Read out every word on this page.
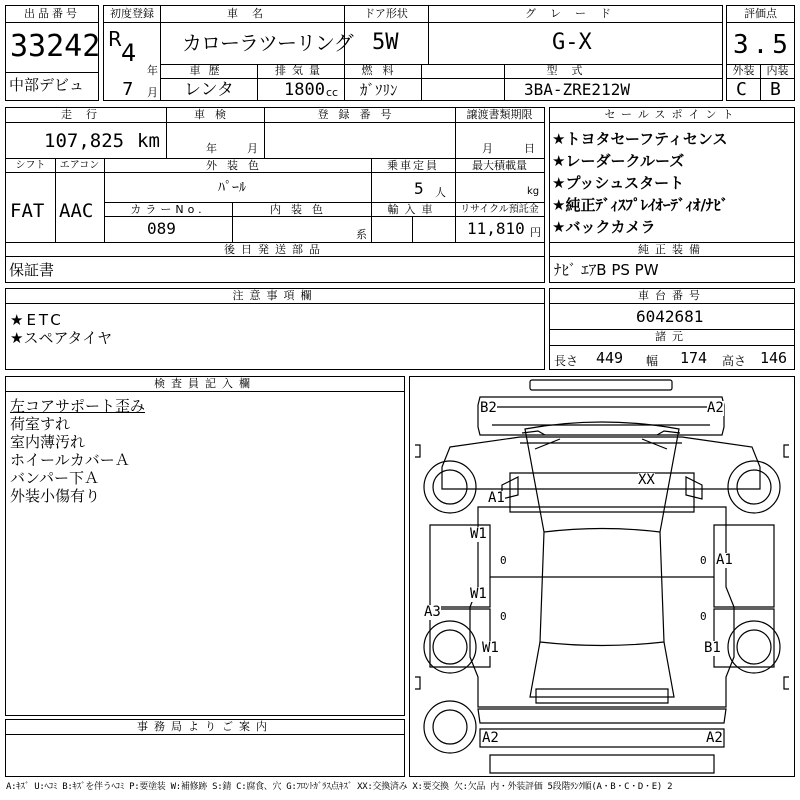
出品番号
33242
中部デビュ
初度登録
R 4
年
7 月
車名
カローラツーリング
ドア形状
5W
グレード
G-X
車歴
レンタ
排気量
1800 cc
燃料
ｶﾞｿﾘﾝ
型式
3BA-ZRE212W
評価点
3.5
外装	内装
C B
走行
107,825 km
車検
年	月
登録番号	譲渡書類期限
月	日
シフト	エアコン
FAT AAC
外装色
ﾊﾟｰﾙ
乗車定員
5 人
最大積載量
kg
カラーNo.
089
内装色
系
輸入車	リサイクル預託金
11,810 円
後日発送部品
保証書
セールスポイント
★トヨタセーフティセンス
★レーダークルーズ
★プッシュスタート
★純正ﾃﾞｨｽﾌﾟﾚｲｵｰﾃﾞｨｵ/ﾅﾋﾞ
★バックカメラ
純正装備
ﾅﾋﾞ ｴｱB PS PW
注意事項欄
★ETC
★スペアタイヤ
車台番号
6042681
諸元
長さ 449 幅 174 高さ 146
検査員記入欄
左コアサポート歪み
荷室すれ
室内薄汚れ
ホイールカバーＡ
バンパー下Ａ
外装小傷有り
事務局よりご案内
B2	A2
XX
A1
W1
0	A1
0
W1
0	0
A3
W1	B1
A2	A2
A:ｷｽﾞ U:ﾍｺﾐ B:ｷｽﾞを伴うﾍｺﾐ P:要塗装 W:補修跡 S:錆 C:腐食、穴 G:ﾌﾛﾝﾄｶﾞﾗｽ点ｷｽﾞ XX:交換済み X:要交換 欠:欠品 内・外装評価 5段階ﾗﾝｸ順(A・B・C・D・E) 2
